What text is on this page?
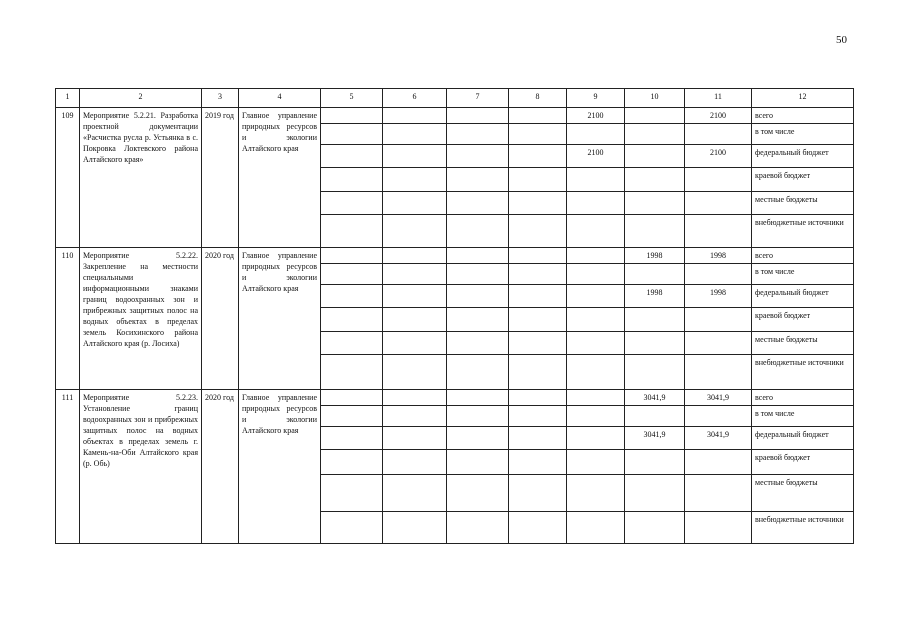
50
1	2	3	4	5	6	7	8	9	10	11	12
109	Мероприятие 5.2.21. Разработка проектной документации «Расчистка русла р. Устьянка в с. Покровка Локтевского района Алтайского края»	2019 год	Главное управление природных ресурсов и экологии Алтайского края					2100		2100	всего
											в том числе
								2100		2100	федеральный бюджет
											краевой бюджет
											местные бюджеты
											внебюджетные источники
110	Мероприятие 5.2.22. Закрепление на местности специальными информационными знаками границ водоохранных зон и прибрежных защитных полос на водных объектах в пределах земель Косихинского района Алтайского края (р. Лосиха)	2020 год	Главное управление природных ресурсов и экологии Алтайского края						1998	1998	всего
											в том числе
									1998	1998	федеральный бюджет
											краевой бюджет
											местные бюджеты
											внебюджетные источники
111	Мероприятие 5.2.23. Установление границ водоохранных зон и прибрежных защитных полос на водных объектах в пределах земель г. Камень-на-Оби Алтайского края (р. Обь)	2020 год	Главное управление природных ресурсов и экологии Алтайского края						3041,9	3041,9	всего
											в том числе
									3041,9	3041,9	федеральный бюджет
											краевой бюджет
											местные бюджеты
											внебюджетные источники
